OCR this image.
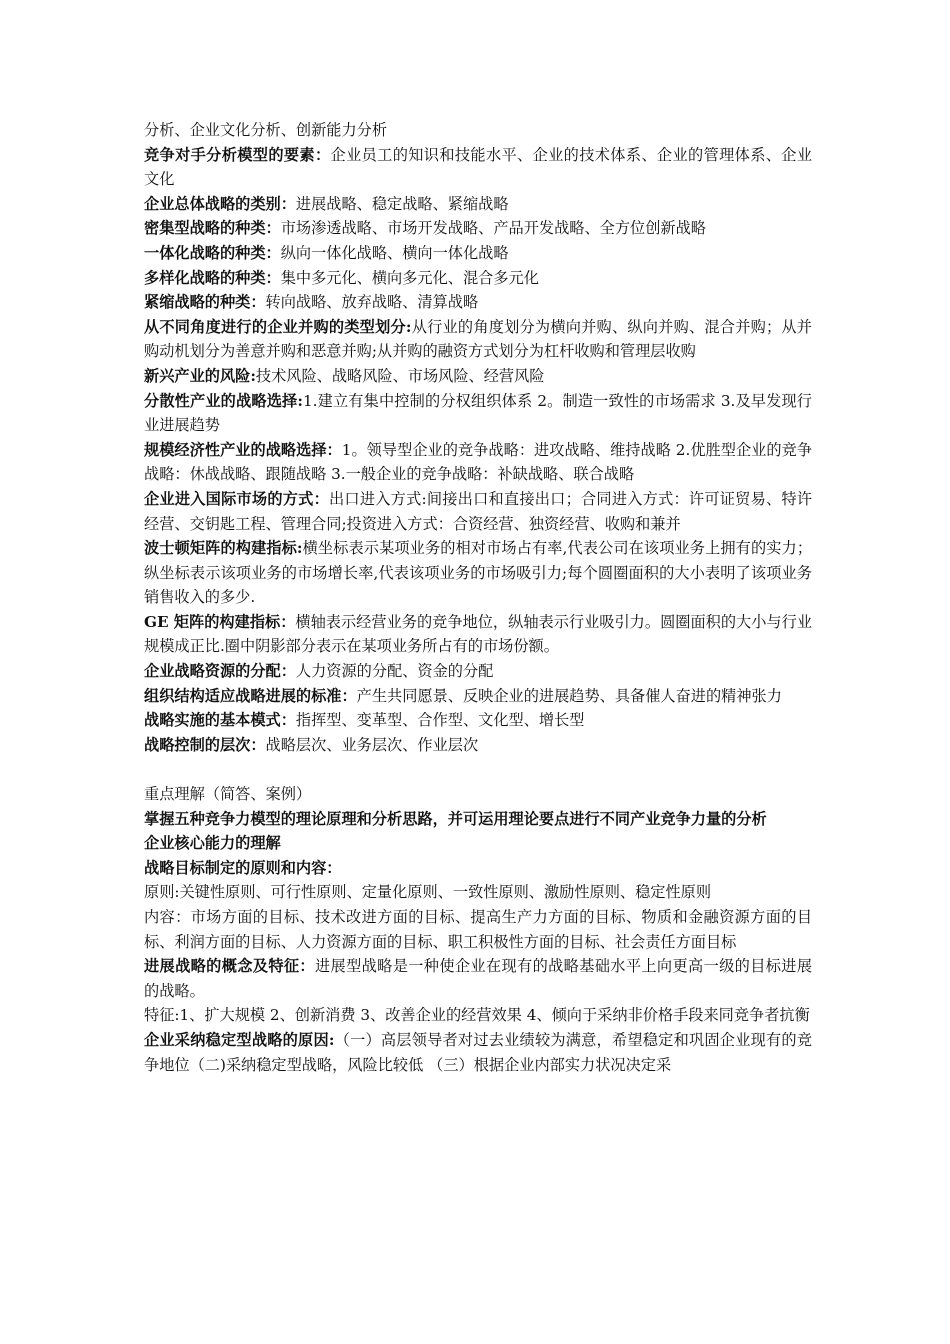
分析、企业文化分析、创新能力分析

竞争对手分析模型的要素：企业员工的知识和技能水平、企业的技术体系、企业的管理体系、企业文化

企业总体战略的类别：进展战略、稳定战略、紧缩战略

密集型战略的种类：市场渗透战略、市场开发战略、产品开发战略、全方位创新战略

一体化战略的种类：纵向一体化战略、横向一体化战略

多样化战略的种类：集中多元化、横向多元化、混合多元化

紧缩战略的种类：转向战略、放弃战略、清算战略

从不同角度进行的企业并购的类型划分:从行业的角度划分为横向并购、纵向并购、混合并购；从并购动机划分为善意并购和恶意并购;从并购的融资方式划分为杠杆收购和管理层收购

新兴产业的风险:技术风险、战略风险、市场风险、经营风险

分散性产业的战略选择:1.建立有集中控制的分权组织体系 2。制造一致性的市场需求 3.及早发现行业进展趋势

规模经济性产业的战略选择：1。领导型企业的竞争战略：进攻战略、维持战略 2.优胜型企业的竞争战略：休战战略、跟随战略 3.一般企业的竞争战略：补缺战略、联合战略

企业进入国际市场的方式：出口进入方式:间接出口和直接出口；合同进入方式：许可证贸易、特许经营、交钥匙工程、管理合同;投资进入方式：合资经营、独资经营、收购和兼并

波士顿矩阵的构建指标:横坐标表示某项业务的相对市场占有率,代表公司在该项业务上拥有的实力；纵坐标表示该项业务的市场增长率,代表该项业务的市场吸引力;每个圆圈面积的大小表明了该项业务销售收入的多少.

GE 矩阵的构建指标：横轴表示经营业务的竞争地位，纵轴表示行业吸引力。圆圈面积的大小与行业规模成正比.圈中阴影部分表示在某项业务所占有的市场份额。

企业战略资源的分配：人力资源的分配、资金的分配

组织结构适应战略进展的标准：产生共同愿景、反映企业的进展趋势、具备催人奋进的精神张力

战略实施的基本模式：指挥型、变革型、合作型、文化型、增长型

战略控制的层次：战略层次、业务层次、作业层次

重点理解（简答、案例）

掌握五种竞争力模型的理论原理和分析思路，并可运用理论要点进行不同产业竞争力量的分析

企业核心能力的理解

战略目标制定的原则和内容：

原则:关键性原则、可行性原则、定量化原则、一致性原则、激励性原则、稳定性原则

内容：市场方面的目标、技术改进方面的目标、提高生产力方面的目标、物质和金融资源方面的目标、利润方面的目标、人力资源方面的目标、职工积极性方面的目标、社会责任方面目标

进展战略的概念及特征：进展型战略是一种使企业在现有的战略基础水平上向更高一级的目标进展的战略。

特征:1、扩大规模 2、创新消费 3、改善企业的经营效果 4、倾向于采纳非价格手段来同竞争者抗衡

企业采纳稳定型战略的原因:（一）高层领导者对过去业绩较为满意，希望稳定和巩固企业现有的竞争地位（二)采纳稳定型战略，风险比较低 （三）根据企业内部实力状况决定采
